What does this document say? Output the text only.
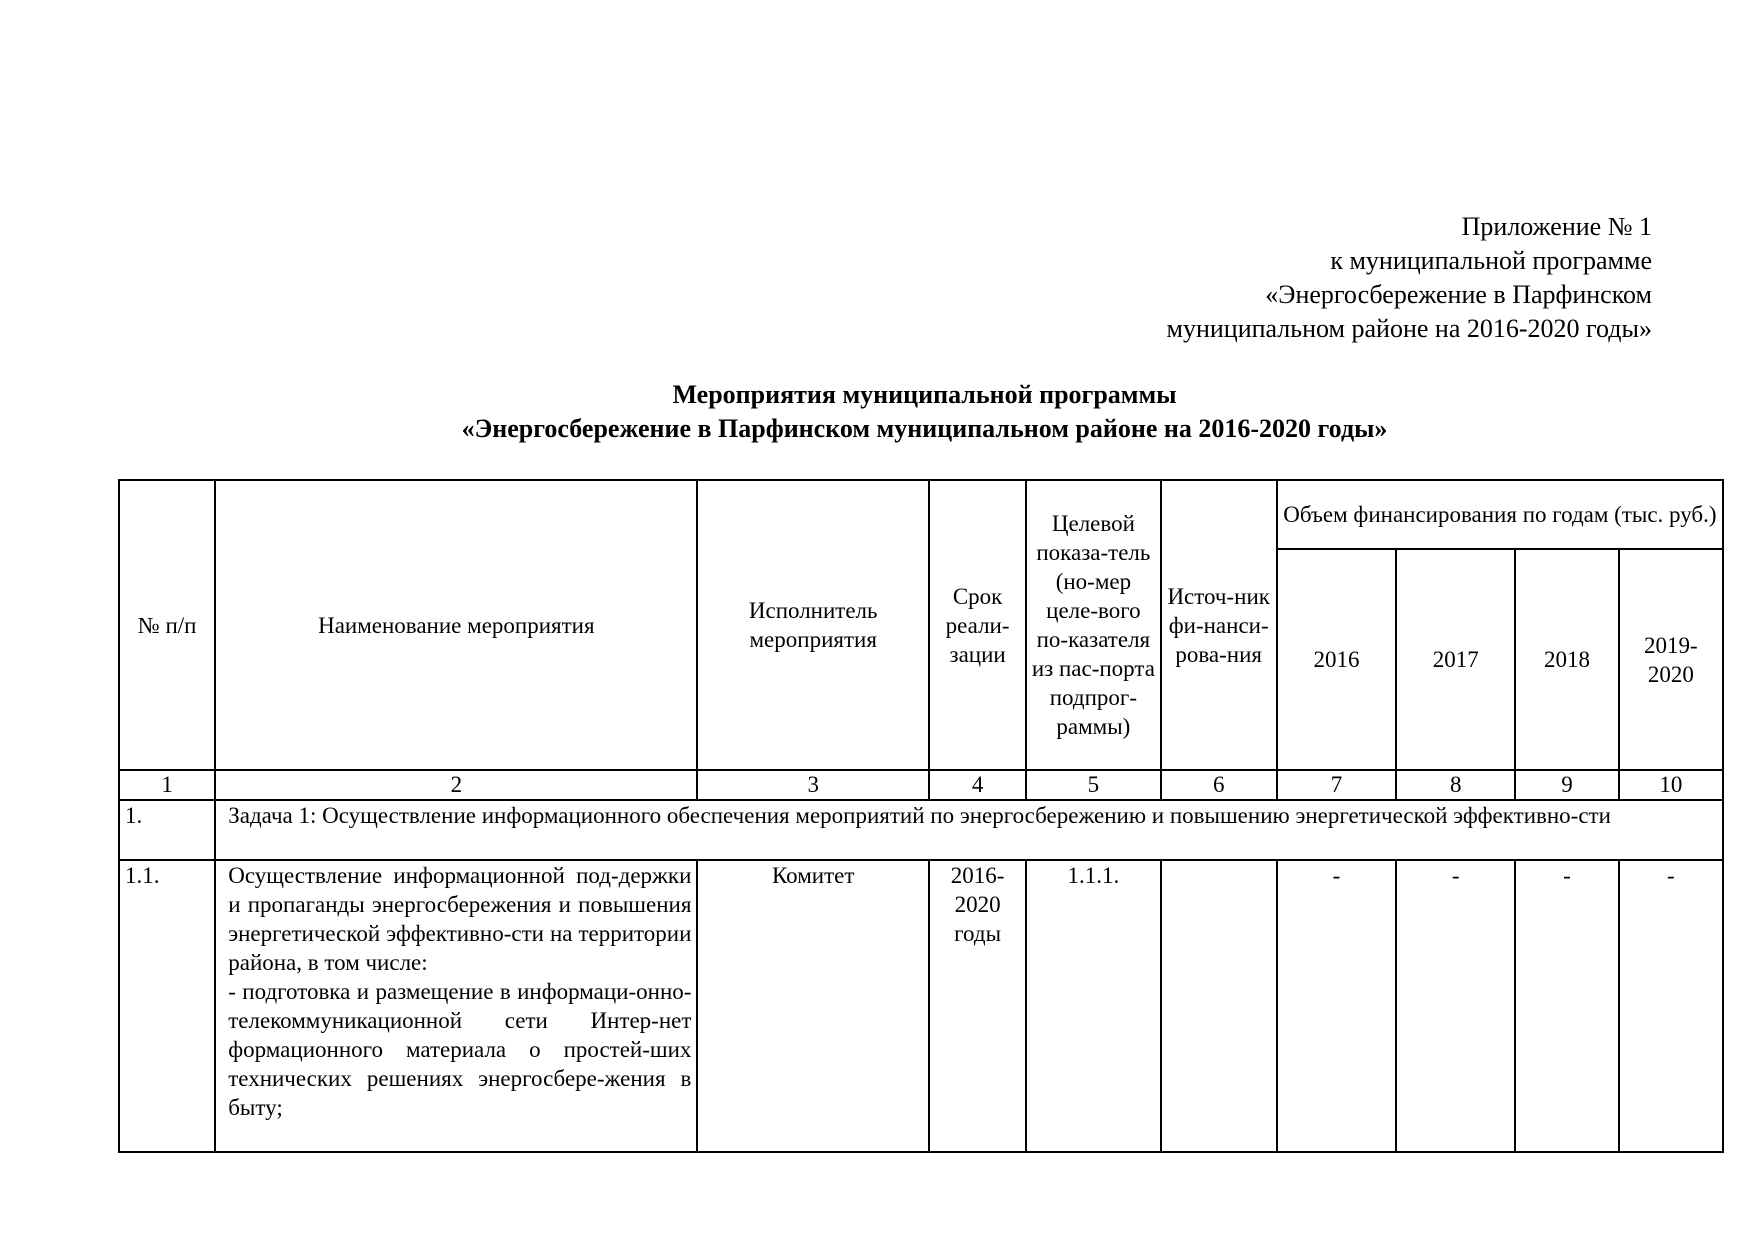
Приложение № 1
к муниципальной программе
«Энергосбережение в Парфинском
муниципальном районе на 2016-2020 годы»
Мероприятия муниципальной программы
«Энергосбережение в Парфинском муниципальном районе на 2016-2020 годы»
№ п/п	Наименование мероприятия	Исполнитель мероприятия	Срок реали-зации	Целевой показа-тель (но-мер целе-вого по-казателя из пас-порта подпрог-раммы)	Источ-ник фи-нанси-рова-ния	Объем финансирования по годам (тыс. руб.)			
						2016	2017	2018	2019-2020
1	2	3	4	5	6	7	8	9	10
1.	Задача 1: Осуществление информационного обеспечения мероприятий по энергосбережению и повышению энергетической эффективно-сти								
1.1.	Осуществление информационной под-держки и пропаганды энергосбережения и повышения энергетической эффективно-сти на территории района, в том числе:
- подготовка и размещение в информаци-онно-телекоммуникационной сети Интер-нет формационного материала о простей-ших технических решениях энергосбере-жения в быту;	Комитет	2016-2020 годы	1.1.1.		-	-	-	-
